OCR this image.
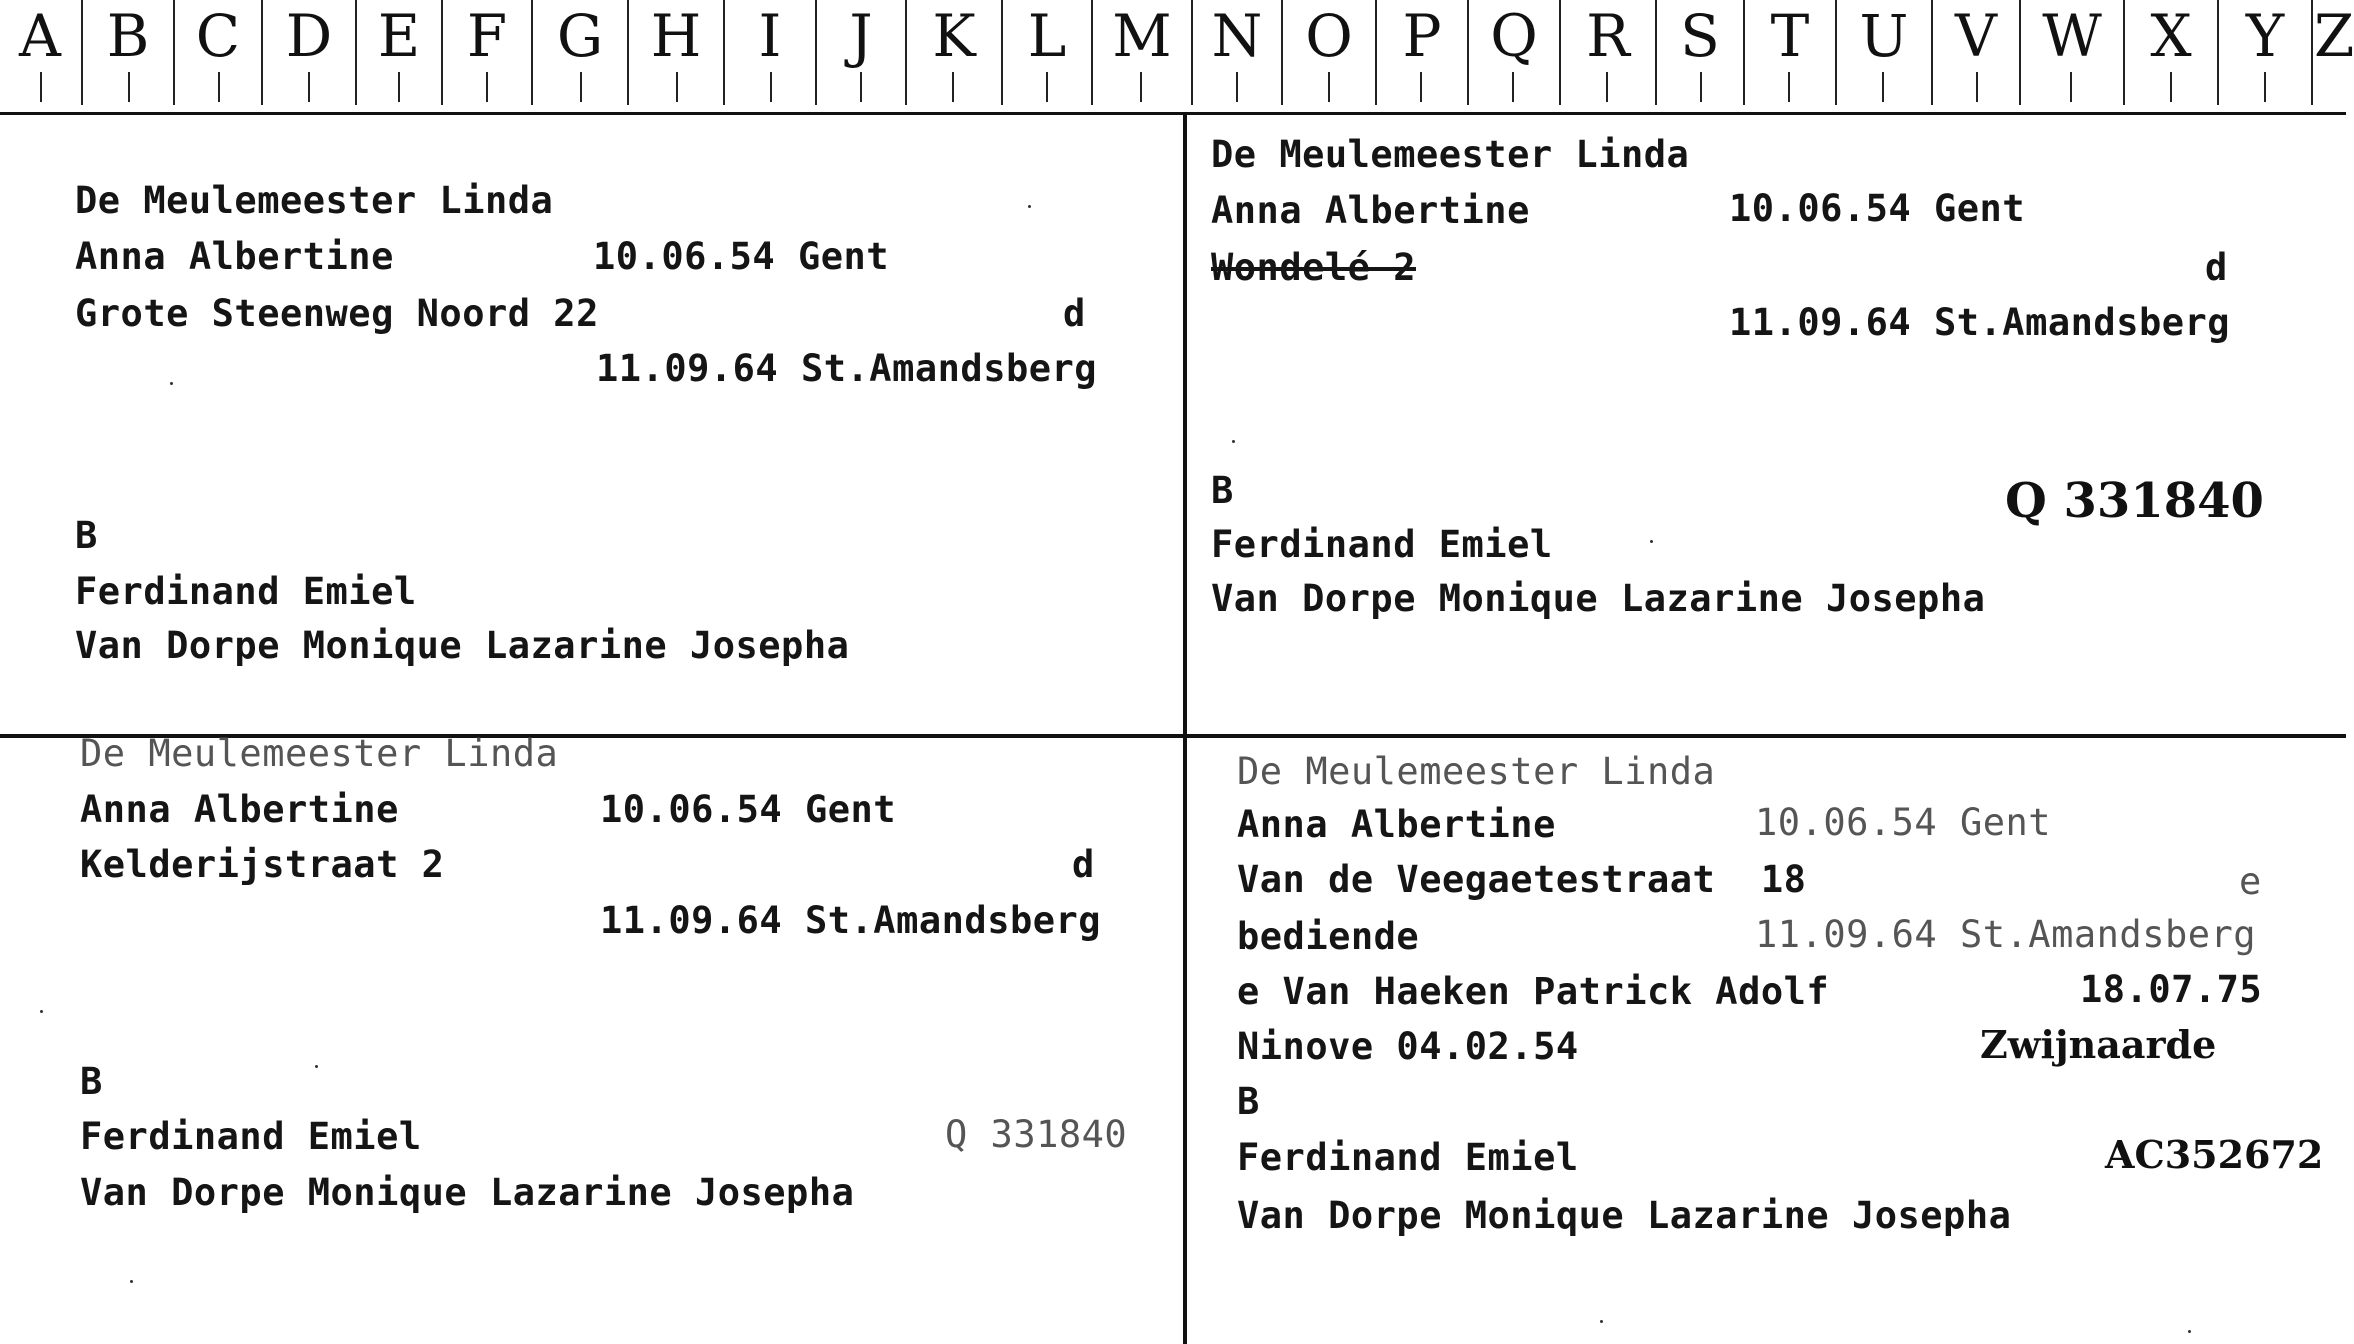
A B C D E F G H I	J	K L M N O P Q R S T U V W X Y Z
De Meulemeester Linda
Anna Albertine	10.06.54 Gent
Grote Steenweg Noord 22	d
11.09.64 St.Amandsberg
B
Ferdinand Emiel
Van Dorpe Monique Lazarine Josepha
De Meulemeester Linda
Anna Albertine	10.06.54 Gent
Wondelé 2	d
11.09.64 St.Amandsberg
B	Q 331840
Ferdinand Emiel
Van Dorpe Monique Lazarine Josepha
De Meulemeester Linda
Anna Albertine	10.06.54 Gent
Kelderijstraat 2	d
11.09.64 St.Amandsberg
B
Ferdinand Emiel	Q 331840
Van Dorpe Monique Lazarine Josepha
De Meulemeester Linda
Anna Albertine	10.06.54 Gent
Van de Veegaetestraat  18	e
bediende	11.09.64 St.Amandsberg
e Van Haeken Patrick Adolf	18.07.75
Ninove 04.02.54	Zwijnaarde
B
Ferdinand Emiel	AC352672
Van Dorpe Monique Lazarine Josepha
